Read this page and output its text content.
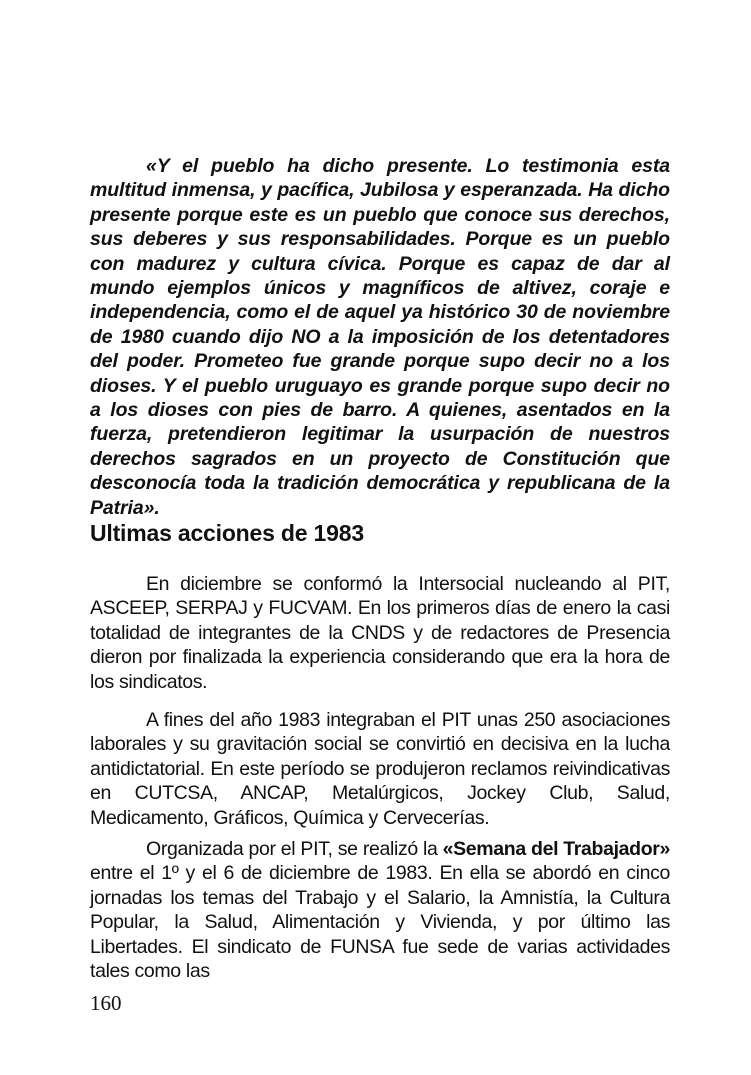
«Y el pueblo ha dicho presente. Lo testimonia esta multitud inmensa, y pacífica, Jubilosa y esperanzada. Ha dicho presente porque este es un pueblo que conoce sus derechos, sus deberes y sus responsabilidades. Porque es un pueblo con madurez y cultura cívica. Porque es capaz de dar al mundo ejemplos únicos y magníficos de altivez, coraje e independencia, como el de aquel ya histórico 30 de noviembre de 1980 cuando dijo NO a la imposición de los detentadores del poder. Prometeo fue grande porque supo decir no a los dioses. Y el pueblo uruguayo es grande porque supo decir no a los dioses con pies de barro. A quienes, asentados en la fuerza, pretendieron legitimar la usurpación de nuestros derechos sagrados en un proyecto de Constitución que desconocía toda la tradición democrática y republicana de la Patria».

Ultimas acciones de 1983

En diciembre se conformó la Intersocial nucleando al PIT, ASCEEP, SERPAJ y FUCVAM. En los primeros días de enero la casi totalidad de integrantes de la CNDS y de redactores de Presencia dieron por finalizada la experiencia considerando que era la hora de los sindicatos.

A fines del año 1983 integraban el PIT unas 250 asociaciones laborales y su gravitación social se convirtió en decisiva en la lucha antidictatorial. En este período se produjeron reclamos reivindicativas en CUTCSA, ANCAP, Metalúrgicos, Jockey Club, Salud, Medicamento, Gráficos, Química y Cervecerías.

Organizada por el PIT, se realizó la «Semana del Trabajador» entre el 1º y el 6 de diciembre de 1983. En ella se abordó en cinco jornadas los temas del Trabajo y el Salario, la Amnistía, la Cultura Popular, la Salud, Alimentación y Vivienda, y por último las Libertades. El sindicato de FUNSA fue sede de varias actividades tales como las

160
